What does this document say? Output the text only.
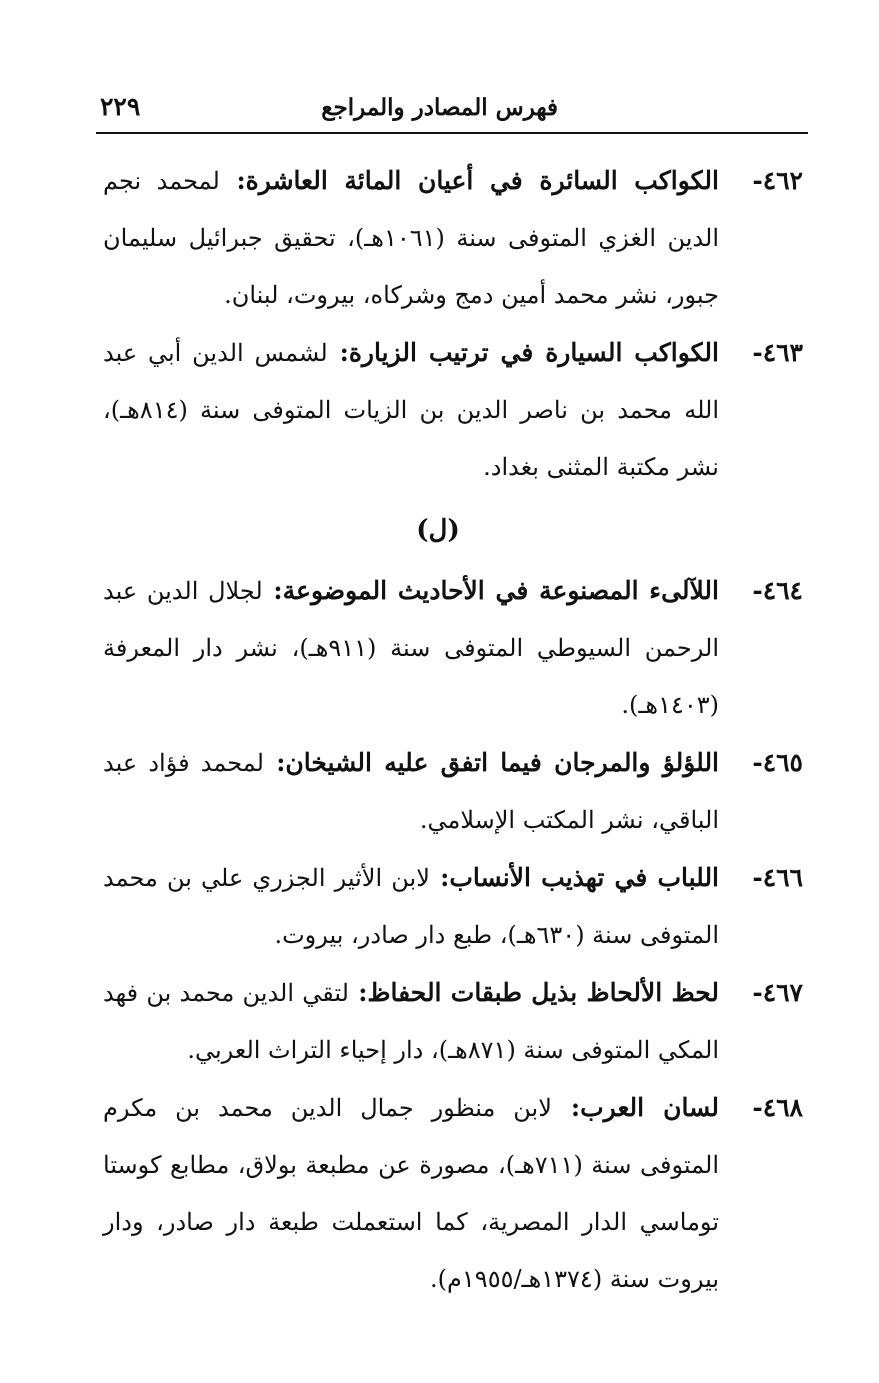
فهرس المصادر والمراجع
٢٢٩
٤٦٢-
الكواكب السائرة في أعيان المائة العاشرة: لمحمد نجم الدين الغزي المتوفى سنة (١٠٦١هـ)، تحقيق جبرائيل سليمان جبور، نشر محمد أمين دمج وشركاه، بيروت، لبنان.
٤٦٣-
الكواكب السيارة في ترتيب الزيارة: لشمس الدين أبي عبد الله محمد بن ناصر الدين بن الزيات المتوفى سنة (٨١٤هـ)، نشر مكتبة المثنى بغداد.
(ل)
٤٦٤-
اللآلىء المصنوعة في الأحاديث الموضوعة: لجلال الدين عبد الرحمن السيوطي المتوفى سنة (٩١١هـ)، نشر دار المعرفة (١٤٠٣هـ).
٤٦٥-
اللؤلؤ والمرجان فيما اتفق عليه الشيخان: لمحمد فؤاد عبد الباقي، نشر المكتب الإسلامي.
٤٦٦-
اللباب في تهذيب الأنساب: لابن الأثير الجزري علي بن محمد المتوفى سنة (٦٣٠هـ)، طبع دار صادر، بيروت.
٤٦٧-
لحظ الألحاظ بذيل طبقات الحفاظ: لتقي الدين محمد بن فهد المكي المتوفى سنة (٨٧١هـ)، دار إحياء التراث العربي.
٤٦٨-
لسان العرب: لابن منظور جمال الدين محمد بن مكرم المتوفى سنة (٧١١هـ)، مصورة عن مطبعة بولاق، مطابع كوستا توماسي الدار المصرية، كما استعملت طبعة دار صادر، ودار بيروت سنة (١٣٧٤هـ/١٩٥٥م).
